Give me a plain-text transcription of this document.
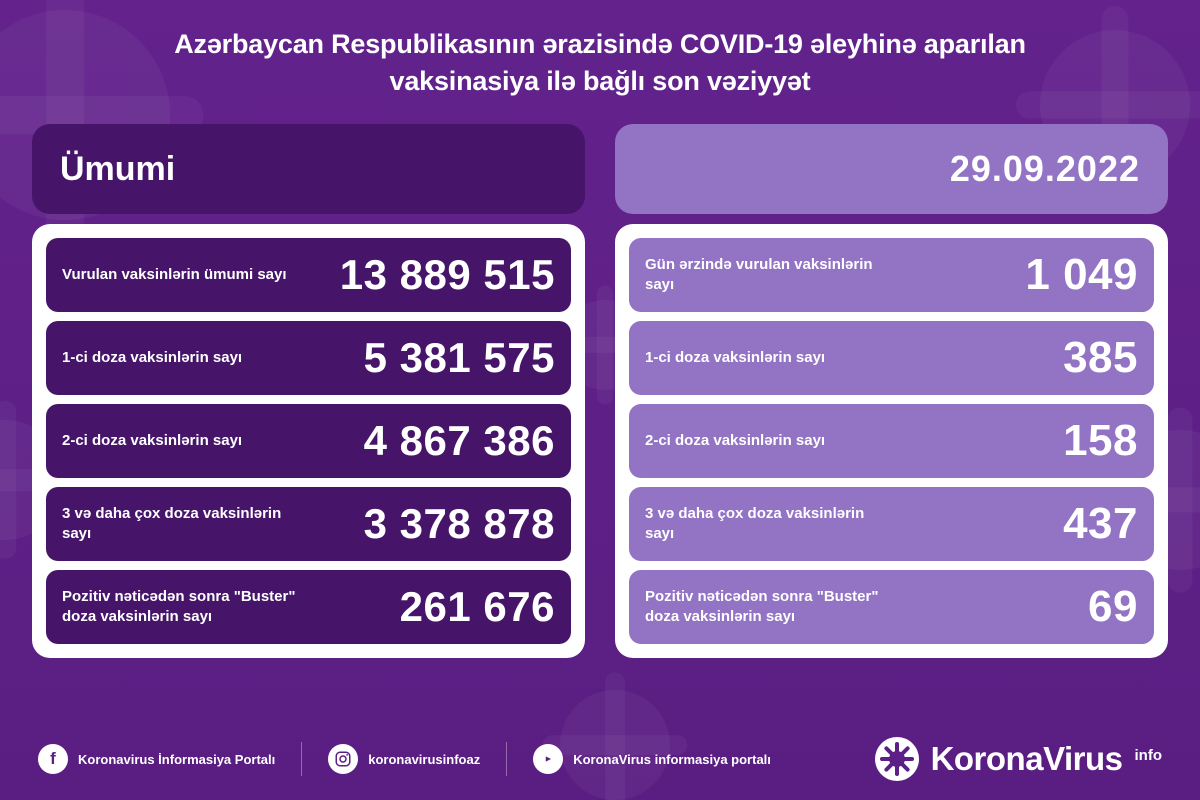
Azərbaycan Respublikasının ərazisində COVID-19 əleyhinə aparılan vaksinasiya ilə bağlı son vəziyyət
Ümumi
Vurulan vaksinlərin ümumi sayı 13 889 515
1-ci doza vaksinlərin sayı	5 381 575
2-ci doza vaksinlərin sayı	4 867 386
3 və daha çox doza vaksinlərin sayı	3 378 878
Pozitiv nəticədən sonra "Buster" doza vaksinlərin sayı	261 676
29.09.2022
Gün ərzində vurulan vaksinlərin sayı	1 049
1-ci doza vaksinlərin sayı	385
2-ci doza vaksinlərin sayı	158
3 və daha çox doza vaksinlərin sayı	437
Pozitiv nəticədən sonra "Buster" doza vaksinlərin sayı	69
f	Koronavirus İnformasiya Portalı	koronavirusinfoaz	KoronaVirus informasiya portalı	KoronaVirus info
